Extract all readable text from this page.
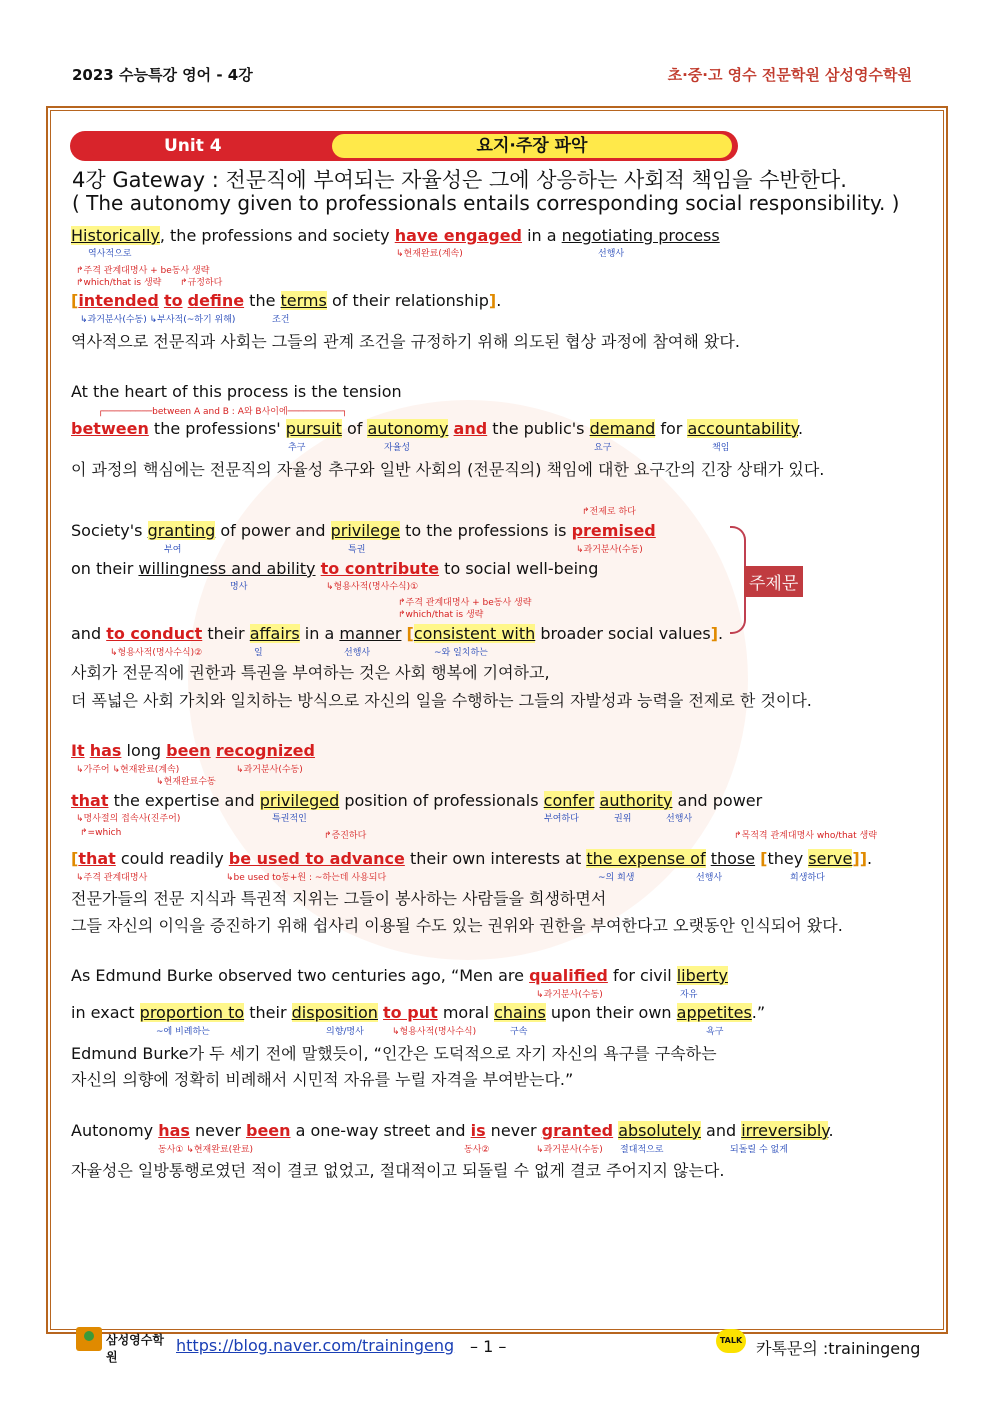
2023 수능특강 영어 - 4강	초·중·고 영수 전문학원 삼성영수학원
Unit 4	요지·주장 파악
4강 Gateway : 전문직에 부여되는 자율성은 그에 상응하는 사회적 책임을 수반한다.
( The autonomy given to professionals entails corresponding social responsibility. )
Historically, the professions and society have engaged in a negotiating process
역사적으로	↳현재완료(계속)	선행사
↱주격 관계대명사 + be동사 생략
↱which/that is 생략 ↱규정하다
[intended to define the terms of their relationship].
↳과거분사(수동) ↳부사적(~하기 위해)	조건
역사적으로 전문직과 사회는 그들의 관계 조건을 규정하기 위해 의도된 협상 과정에 참여해 왔다.
At the heart of this process is the tension
┌─────────between A and B : A와 B사이에──────────┐
between the professions' pursuit of autonomy and the public's demand for accountability.
추구	자율성	요구	책임
이 과정의 핵심에는 전문직의 자율성 추구와 일반 사회의 (전문직의) 책임에 대한 요구간의 긴장 상태가 있다.
↱전제로 하다
Society's granting of power and privilege to the professions is premised
부여	특권	↳과거분사(수동)
on their willingness and ability to contribute to social well-being
명사	↳형용사적(명사수식)①
↱주격 관계대명사 + be동사 생략
↱which/that is 생략
and to conduct their affairs in a manner [consistent with broader social values].
↳형용사적(명사수식)②	일	선행사	~와 일치하는
주제문
사회가 전문직에 권한과 특권을 부여하는 것은 사회 행복에 기여하고,
더 폭넓은 사회 가치와 일치하는 방식으로 자신의 일을 수행하는 그들의 자발성과 능력을 전제로 한 것이다.
It has long been recognized
↳가주어 ↳현재완료(계속)	↳과거분사(수동)
↳현재완료수동
that the expertise and privileged position of professionals confer authority and power
↳명사절의 접속사(진주어)	특권적인	부여하다	권위	선행사
↱=which	↱증진하다	↱목적격 관계대명사 who/that 생략
[that could readily be used to advance their own interests at the expense of those [they serve]].
↳주격 관계대명사	↳be used to동+원 : ~하는데 사용되다	~의 희생	선행사	희생하다
전문가들의 전문 지식과 특권적 지위는 그들이 봉사하는 사람들을 희생하면서
그들 자신의 이익을 증진하기 위해 쉽사리 이용될 수도 있는 권위와 권한을 부여한다고 오랫동안 인식되어 왔다.
As Edmund Burke observed two centuries ago, “Men are qualified for civil liberty
↳과거분사(수동)	자유
in exact proportion to their disposition to put moral chains upon their own appetites.”
~에 비례하는	의향/명사	↳형용사적(명사수식)	구속	욕구
Edmund Burke가 두 세기 전에 말했듯이, “인간은 도덕적으로 자기 자신의 욕구를 구속하는
자신의 의향에 정확히 비례해서 시민적 자유를 누릴 자격을 부여받는다.”
Autonomy has never been a one-way street and is never granted absolutely and irreversibly.
동사① ↳현재완료(완료)	동사②	↳과거분사(수동) 절대적으로	되돌릴 수 없게
자율성은 일방통행로였던 적이 결코 없었고, 절대적이고 되돌릴 수 없게 결코 주어지지 않는다.
삼성영수학원
https://blog.naver.com/trainingeng – 1 –	TALK 카톡문의 :trainingeng
